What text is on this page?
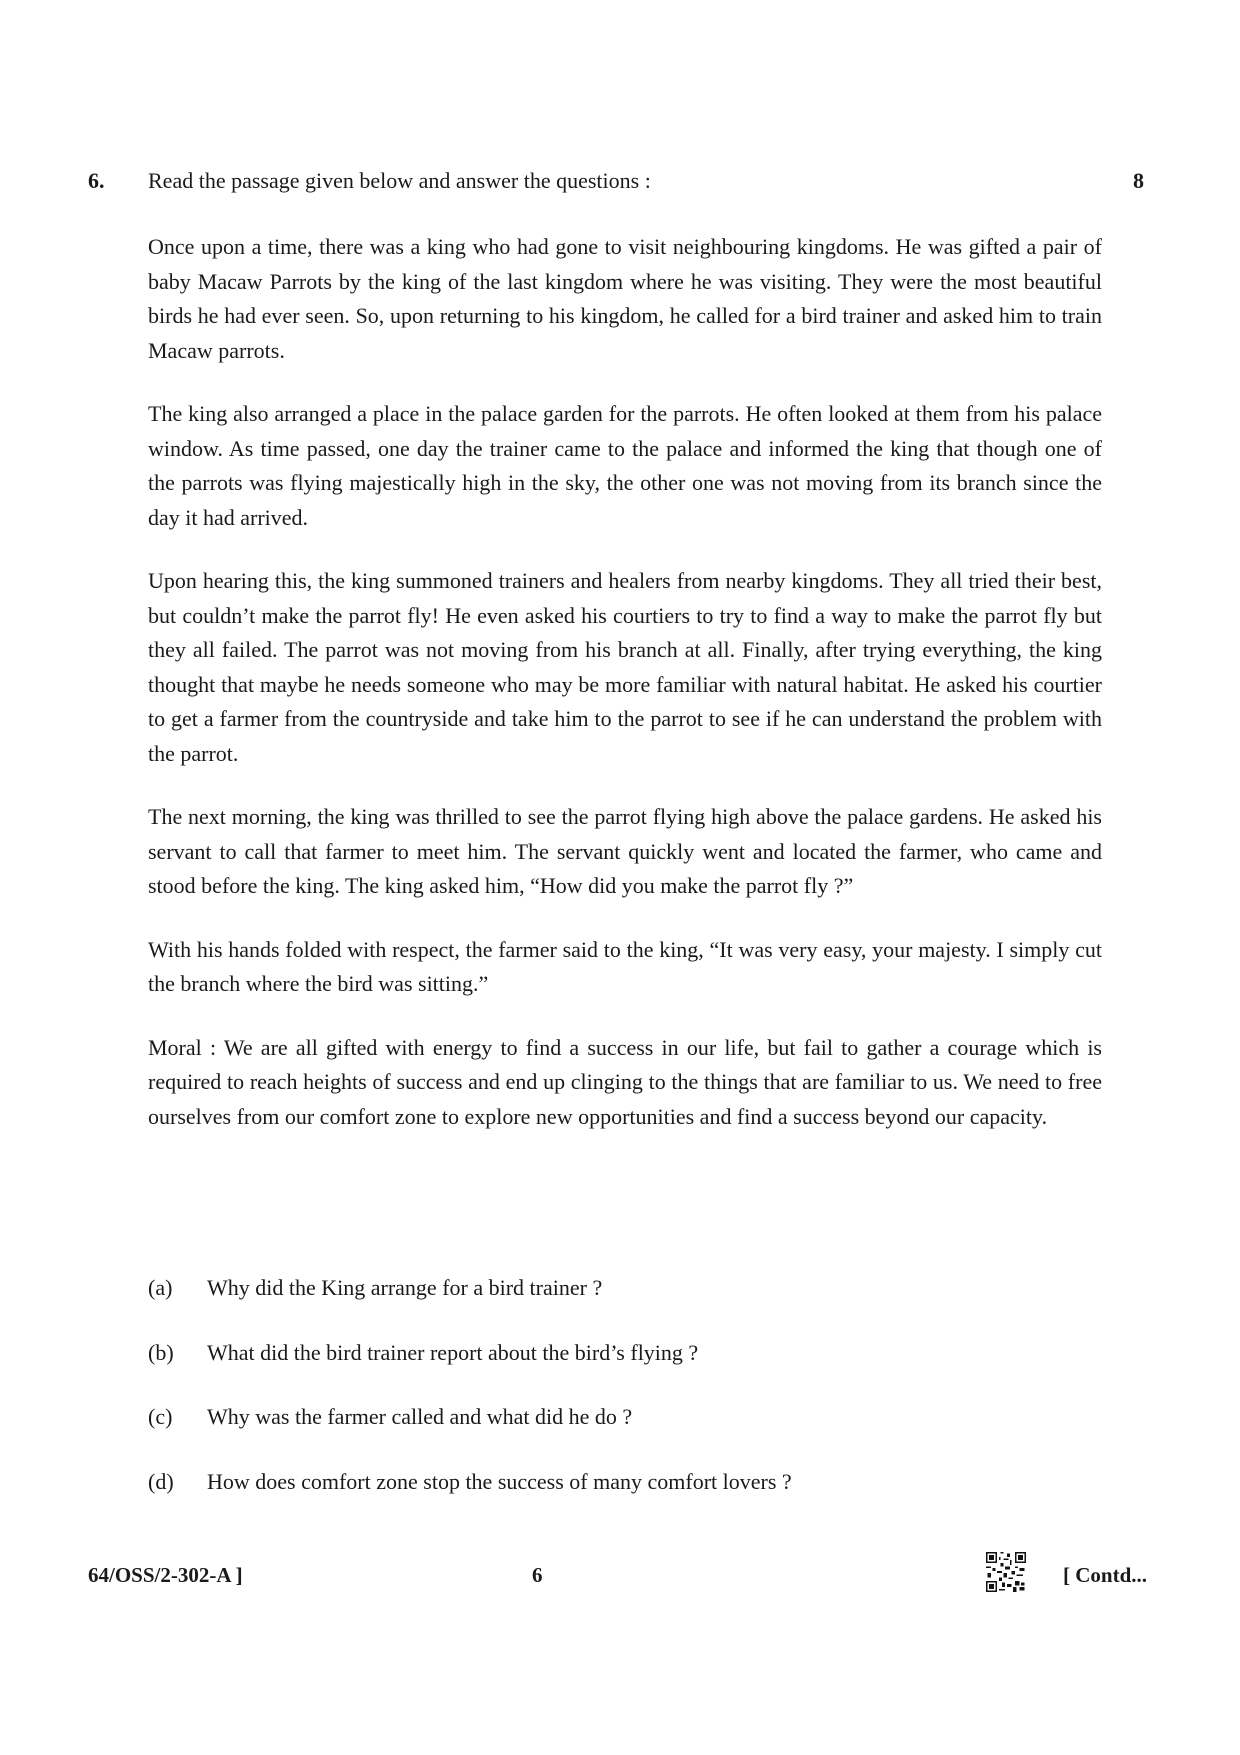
6. Read the passage given below and answer the questions :	8

Once upon a time, there was a king who had gone to visit neighbouring kingdoms. He was gifted a pair of baby Macaw Parrots by the king of the last kingdom where he was visiting. They were the most beautiful birds he had ever seen. So, upon returning to his kingdom, he called for a bird trainer and asked him to train Macaw parrots.

The king also arranged a place in the palace garden for the parrots. He often looked at them from his palace window. As time passed, one day the trainer came to the palace and informed the king that though one of the parrots was flying majestically high in the sky, the other one was not moving from its branch since the day it had arrived.

Upon hearing this, the king summoned trainers and healers from nearby kingdoms. They all tried their best, but couldn’t make the parrot fly! He even asked his courtiers to try to find a way to make the parrot fly but they all failed. The parrot was not moving from his branch at all. Finally, after trying everything, the king thought that maybe he needs someone who may be more familiar with natural habitat. He asked his courtier to get a farmer from the countryside and take him to the parrot to see if he can understand the problem with the parrot.

The next morning, the king was thrilled to see the parrot flying high above the palace gardens. He asked his servant to call that farmer to meet him. The servant quickly went and located the farmer, who came and stood before the king. The king asked him, “How did you make the parrot fly ?”

With his hands folded with respect, the farmer said to the king, “It was very easy, your majesty. I simply cut the branch where the bird was sitting.”

Moral : We are all gifted with energy to find a success in our life, but fail to gather a courage which is required to reach heights of success and end up clinging to the things that are familiar to us. We need to free ourselves from our comfort zone to explore new opportunities and find a success beyond our capacity.

(a)	Why did the King arrange for a bird trainer ?
(b)	What did the bird trainer report about the bird’s flying ?
(c)	Why was the farmer called and what did he do ?
(d)	How does comfort zone stop the success of many comfort lovers ?
64/OSS/2-302-A ]	6	[ Contd...
